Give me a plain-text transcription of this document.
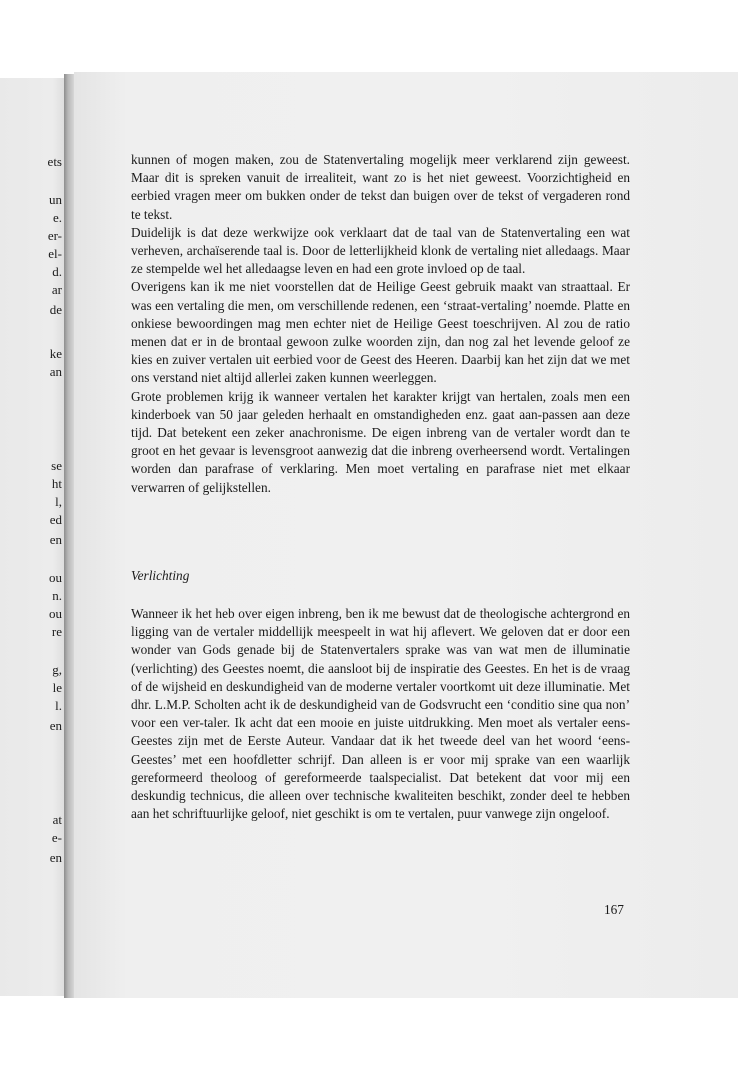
ets
un
e.
er-
el-
d.
ar
de
ke
an
se
ht
l,
ed
en
ou
n.
ou
re
g,
le
l.
en
at
e-
en

kunnen of mogen maken, zou de Statenvertaling mogelijk meer verklarend zijn geweest. Maar dit is spreken vanuit de irrealiteit, want zo is het niet geweest. Voorzichtigheid en eerbied vragen meer om bukken onder de tekst dan buigen over de tekst of vergaderen rond te tekst.

Duidelijk is dat deze werkwijze ook verklaart dat de taal van de Statenvertaling een wat verheven, archaïserende taal is. Door de letterlijkheid klonk de vertaling niet alledaags. Maar ze stempelde wel het alledaagse leven en had een grote invloed op de taal.

Overigens kan ik me niet voorstellen dat de Heilige Geest gebruik maakt van straattaal. Er was een vertaling die men, om verschillende redenen, een ‘straat-vertaling’ noemde. Platte en onkiese bewoordingen mag men echter niet de Heilige Geest toeschrijven. Al zou de ratio menen dat er in de brontaal gewoon zulke woorden zijn, dan nog zal het levende geloof ze kies en zuiver vertalen uit eerbied voor de Geest des Heeren. Daarbij kan het zijn dat we met ons verstand niet altijd allerlei zaken kunnen weerleggen.

Grote problemen krijg ik wanneer vertalen het karakter krijgt van hertalen, zoals men een kinderboek van 50 jaar geleden herhaalt en omstandigheden enz. gaat aan-passen aan deze tijd. Dat betekent een zeker anachronisme. De eigen inbreng van de vertaler wordt dan te groot en het gevaar is levensgroot aanwezig dat die inbreng overheersend wordt. Vertalingen worden dan parafrase of verklaring. Men moet vertaling en parafrase niet met elkaar verwarren of gelijkstellen.

Verlichting

Wanneer ik het heb over eigen inbreng, ben ik me bewust dat de theologische achtergrond en ligging van de vertaler middellijk meespeelt in wat hij aflevert. We geloven dat er door een wonder van Gods genade bij de Statenvertalers sprake was van wat men de illuminatie (verlichting) des Geestes noemt, die aansloot bij de inspiratie des Geestes. En het is de vraag of de wijsheid en deskundigheid van de moderne vertaler voortkomt uit deze illuminatie. Met dhr. L.M.P. Scholten acht ik de deskundigheid van de Godsvrucht een ‘conditio sine qua non’ voor een ver-taler. Ik acht dat een mooie en juiste uitdrukking. Men moet als vertaler eens-Geestes zijn met de Eerste Auteur. Vandaar dat ik het tweede deel van het woord ‘eens-Geestes’ met een hoofdletter schrijf. Dan alleen is er voor mij sprake van een waarlijk gereformeerd theoloog of gereformeerde taalspecialist. Dat betekent dat voor mij een deskundig technicus, die alleen over technische kwaliteiten beschikt, zonder deel te hebben aan het schriftuurlijke geloof, niet geschikt is om te vertalen, puur vanwege zijn ongeloof.

167
